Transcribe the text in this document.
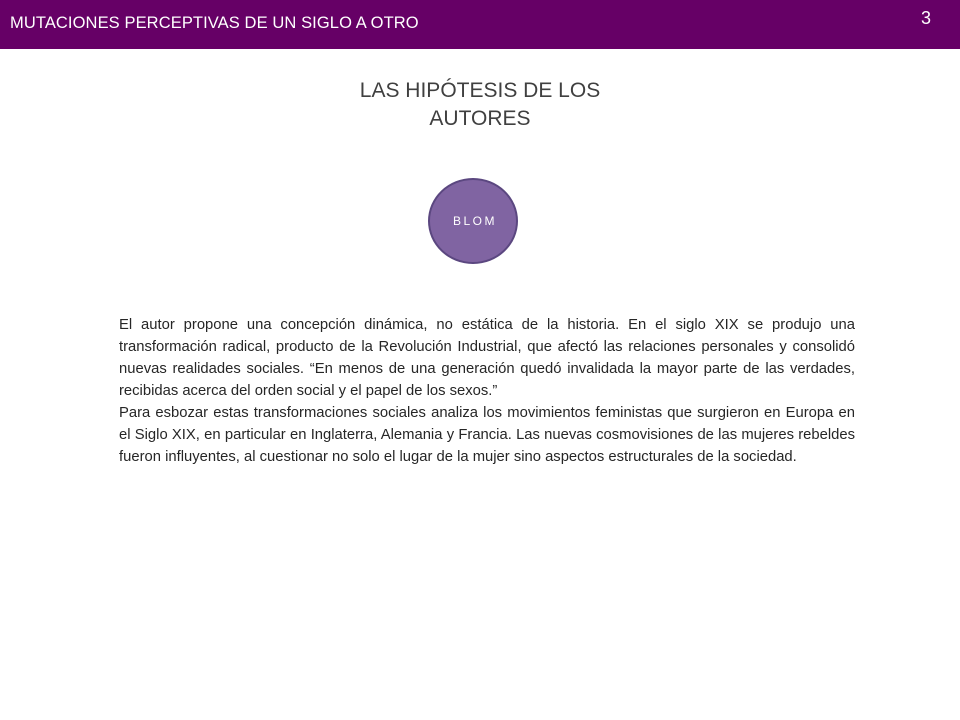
MUTACIONES PERCEPTIVAS DE UN SIGLO A OTRO	3
LAS HIPÓTESIS DE LOS
AUTORES
BLOM

El autor propone una concepción dinámica, no estática de la historia. En el siglo XIX se produjo una transformación radical, producto de la Revolución Industrial, que afectó las relaciones personales y consolidó nuevas realidades sociales. “En menos de una generación quedó invalidada la mayor parte de las verdades, recibidas acerca del orden social y el papel de los sexos.”

Para esbozar estas transformaciones sociales analiza los movimientos feministas que surgieron en Europa en el Siglo XIX, en particular en Inglaterra, Alemania y Francia. Las nuevas cosmovisiones de las mujeres rebeldes fueron influyentes, al cuestionar no solo el lugar de la mujer sino aspectos estructurales de la sociedad.
